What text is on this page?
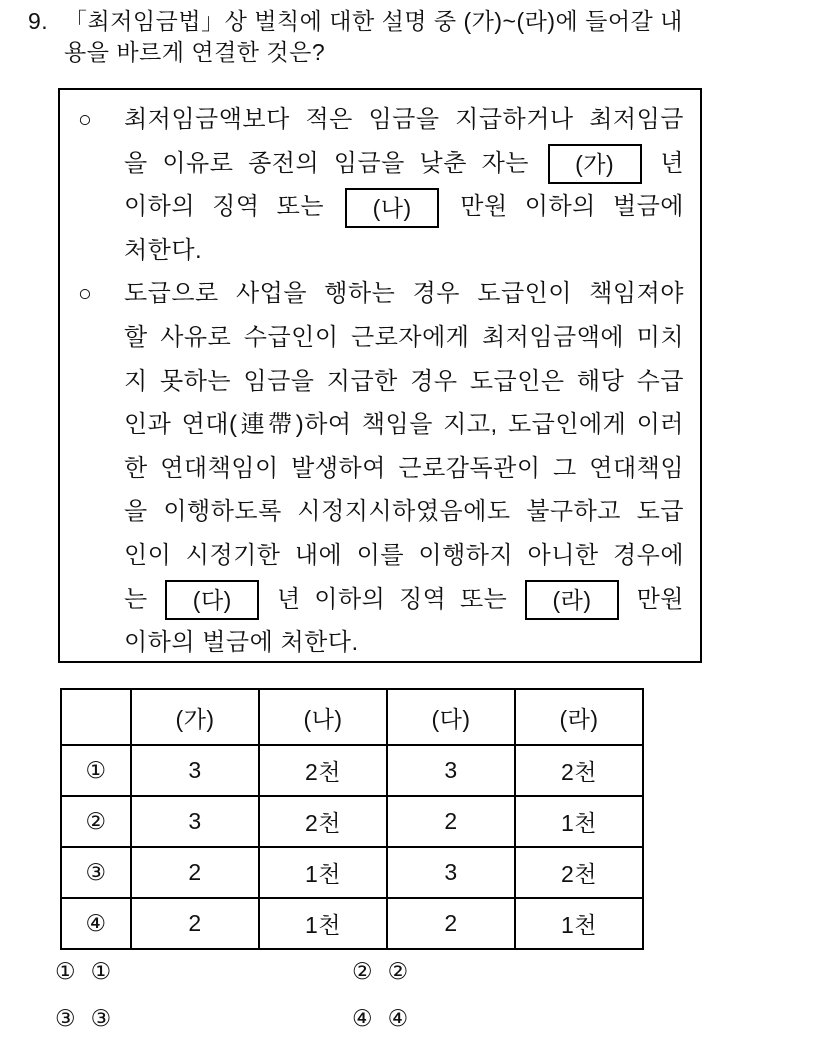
9. 「최저임금법」상 벌칙에 대한 설명 중 (가)~(라)에 들어갈 내
용을 바르게 연결한 것은?
○	최저임금액보다 적은 임금을 지급하거나 최저임금
을 이유로 종전의 임금을 낮춘 자는 (가) 년
이하의 징역 또는 (나) 만원 이하의 벌금에
처한다.
○	도급으로 사업을 행하는 경우 도급인이 책임져야
할 사유로 수급인이 근로자에게 최저임금액에 미치
지 못하는 임금을 지급한 경우 도급인은 해당 수급
인과 연대(連帶)하여 책임을 지고, 도급인에게 이러
한 연대책임이 발생하여 근로감독관이 그 연대책임
을 이행하도록 시정지시하였음에도 불구하고 도급
인이 시정기한 내에 이를 이행하지 아니한 경우에
는 (다) 년 이하의 징역 또는 (라) 만원
이하의 벌금에 처한다.
	(가)	(나)	(다)	(라)
①	3	2천	3	2천
②	3	2천	2	1천
③	2	1천	3	2천
④	2	1천	2	1천
① ①	② ②
③ ③	④ ④
